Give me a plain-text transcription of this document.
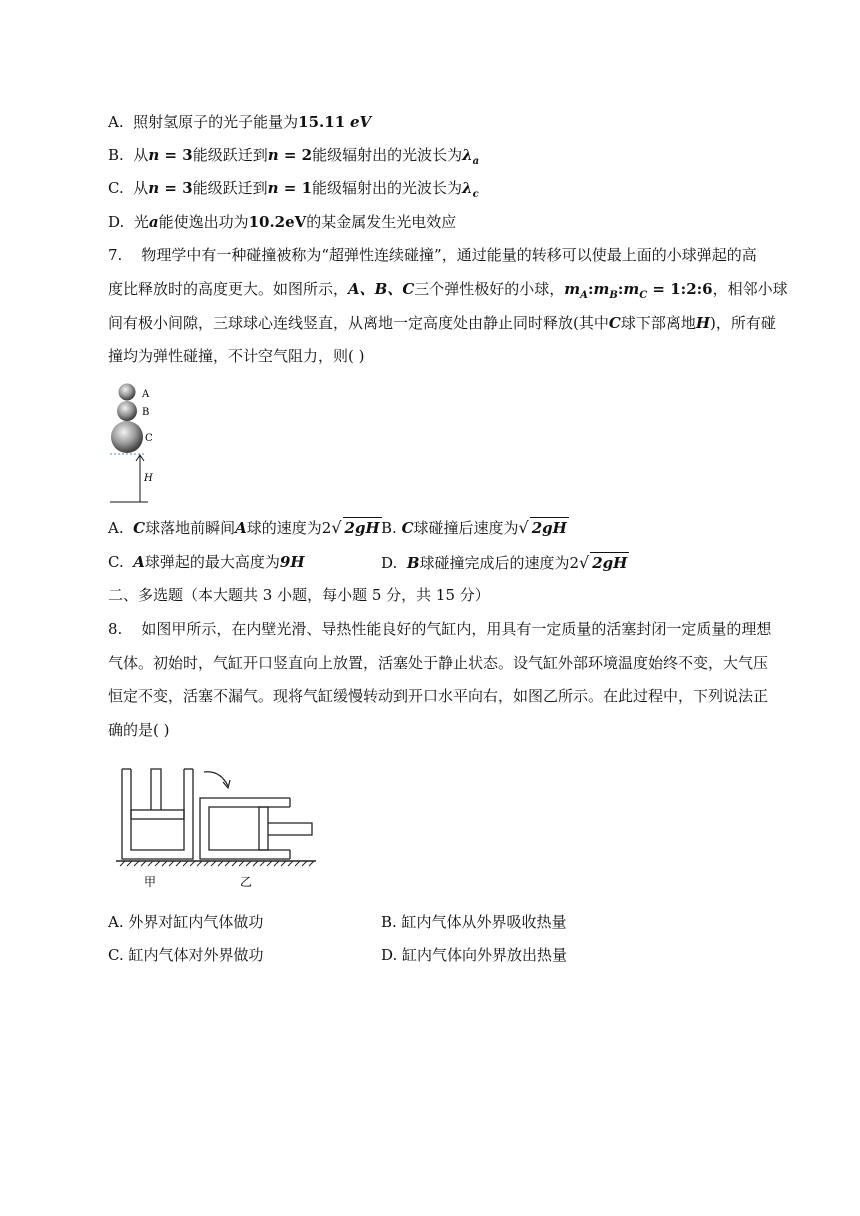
A. 照射氢原子的光子能量为15.11 eV
B. 从n = 3能级跃迁到n = 2能级辐射出的光波长为$\lambda_a$
C. 从n = 3能级跃迁到n = 1能级辐射出的光波长为$\lambda_c$
D. 光a能使逸出功为10.2eV的某金属发生光电效应
7. 物理学中有一种碰撞被称为“超弹性连续碰撞”，通过能量的转移可以使最上面的小球弹起的高
度比释放时的高度更大。如图所示，A、B、C三个弹性极好的小球，$m_A:m_B:m_C$ = 1:2:6，相邻小球
间有极小间隙，三球球心连线竖直，从离地一定高度处由静止同时释放(其中C球下部离地H)，所有碰
撞均为弹性碰撞，不计空气阻力，则( )
A
B
C
H
A. C球落地前瞬间A球的速度为2√ 2gH B. C球碰撞后速度为√ 2gH
C. A球弹起的最大高度为9H	D. B球碰撞完成后的速度为2√ 2gH
二、多选题（本大题共 3 小题，每小题 5 分，共 15 分）
8. 如图甲所示，在内壁光滑、导热性能良好的气缸内，用具有一定质量的活塞封闭一定质量的理想
气体。初始时，气缸开口竖直向上放置，活塞处于静止状态。设气缸外部环境温度始终不变，大气压
恒定不变，活塞不漏气。现将气缸缓慢转动到开口水平向右，如图乙所示。在此过程中，下列说法正
确的是( )
甲	乙
A. 外界对缸内气体做功	B. 缸内气体从外界吸收热量
C. 缸内气体对外界做功	D. 缸内气体向外界放出热量
